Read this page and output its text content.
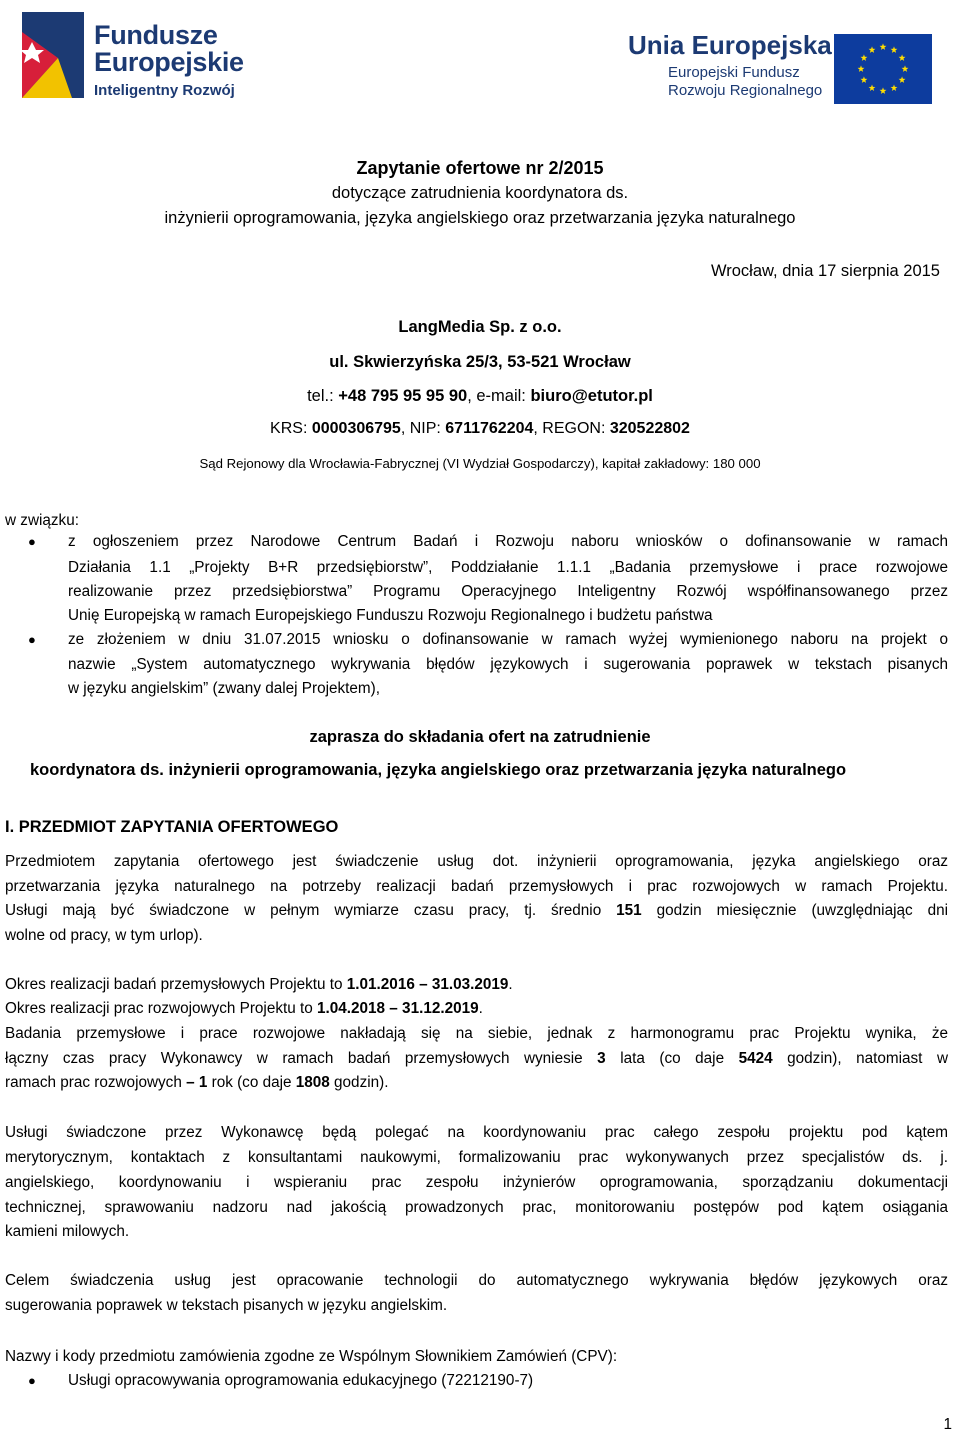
Fundusze
Europejskie
Inteligentny Rozwój
Unia Europejska
Europejski Fundusz
Rozwoju Regionalnego
Zapytanie ofertowe nr 2/2015
dotyczące zatrudnienia koordynatora ds.
inżynierii oprogramowania, języka angielskiego oraz przetwarzania języka naturalnego
Wrocław, dnia 17 sierpnia 2015
LangMedia Sp. z o.o.
ul. Skwierzyńska 25/3, 53-521 Wrocław
tel.: +48 795 95 95 90, e-mail: biuro@etutor.pl
KRS: 0000306795, NIP: 6711762204, REGON: 320522802
Sąd Rejonowy dla Wrocławia-Fabrycznej (VI Wydział Gospodarczy), kapitał zakładowy: 180 000
w związku:
● z ogłoszeniem przez Narodowe Centrum Badań i Rozwoju naboru wniosków o dofinansowanie w ramach
Działania 1.1 „Projekty B+R przedsiębiorstw”, Poddziałanie 1.1.1 „Badania przemysłowe i prace rozwojowe
realizowanie przez przedsiębiorstwa” Programu Operacyjnego Inteligentny Rozwój współfinansowanego przez
Unię Europejską w ramach Europejskiego Funduszu Rozwoju Regionalnego i budżetu państwa
● ze złożeniem w dniu 31.07.2015 wniosku o dofinansowanie w ramach wyżej wymienionego naboru na projekt o
nazwie „System automatycznego wykrywania błędów językowych i sugerowania poprawek w tekstach pisanych
w języku angielskim” (zwany dalej Projektem),
zaprasza do składania ofert na zatrudnienie
koordynatora ds. inżynierii oprogramowania, języka angielskiego oraz przetwarzania języka naturalnego
I. PRZEDMIOT ZAPYTANIA OFERTOWEGO
Przedmiotem zapytania ofertowego jest świadczenie usług dot. inżynierii oprogramowania, języka angielskiego oraz
przetwarzania języka naturalnego na potrzeby realizacji badań przemysłowych i prac rozwojowych w ramach Projektu.
Usługi mają być świadczone w pełnym wymiarze czasu pracy, tj. średnio 151 godzin miesięcznie (uwzględniając dni
wolne od pracy, w tym urlop).
Okres realizacji badań przemysłowych Projektu to 1.01.2016 – 31.03.2019.
Okres realizacji prac rozwojowych Projektu to 1.04.2018 – 31.12.2019.
Badania przemysłowe i prace rozwojowe nakładają się na siebie, jednak z harmonogramu prac Projektu wynika, że
łączny czas pracy Wykonawcy w ramach badań przemysłowych wyniesie 3 lata (co daje 5424 godzin), natomiast w
ramach prac rozwojowych – 1 rok (co daje 1808 godzin).
Usługi świadczone przez Wykonawcę będą polegać na koordynowaniu prac całego zespołu projektu pod kątem
merytorycznym, kontaktach z konsultantami naukowymi, formalizowaniu prac wykonywanych przez specjalistów ds. j.
angielskiego, koordynowaniu i wspieraniu prac zespołu inżynierów oprogramowania, sporządzaniu dokumentacji
technicznej, sprawowaniu nadzoru nad jakością prowadzonych prac, monitorowaniu postępów pod kątem osiągania
kamieni milowych.
Celem świadczenia usług jest opracowanie technologii do automatycznego wykrywania błędów językowych oraz
sugerowania poprawek w tekstach pisanych w języku angielskim.
Nazwy i kody przedmiotu zamówienia zgodne ze Wspólnym Słownikiem Zamówień (CPV):
● Usługi opracowywania oprogramowania edukacyjnego (72212190-7)
1
